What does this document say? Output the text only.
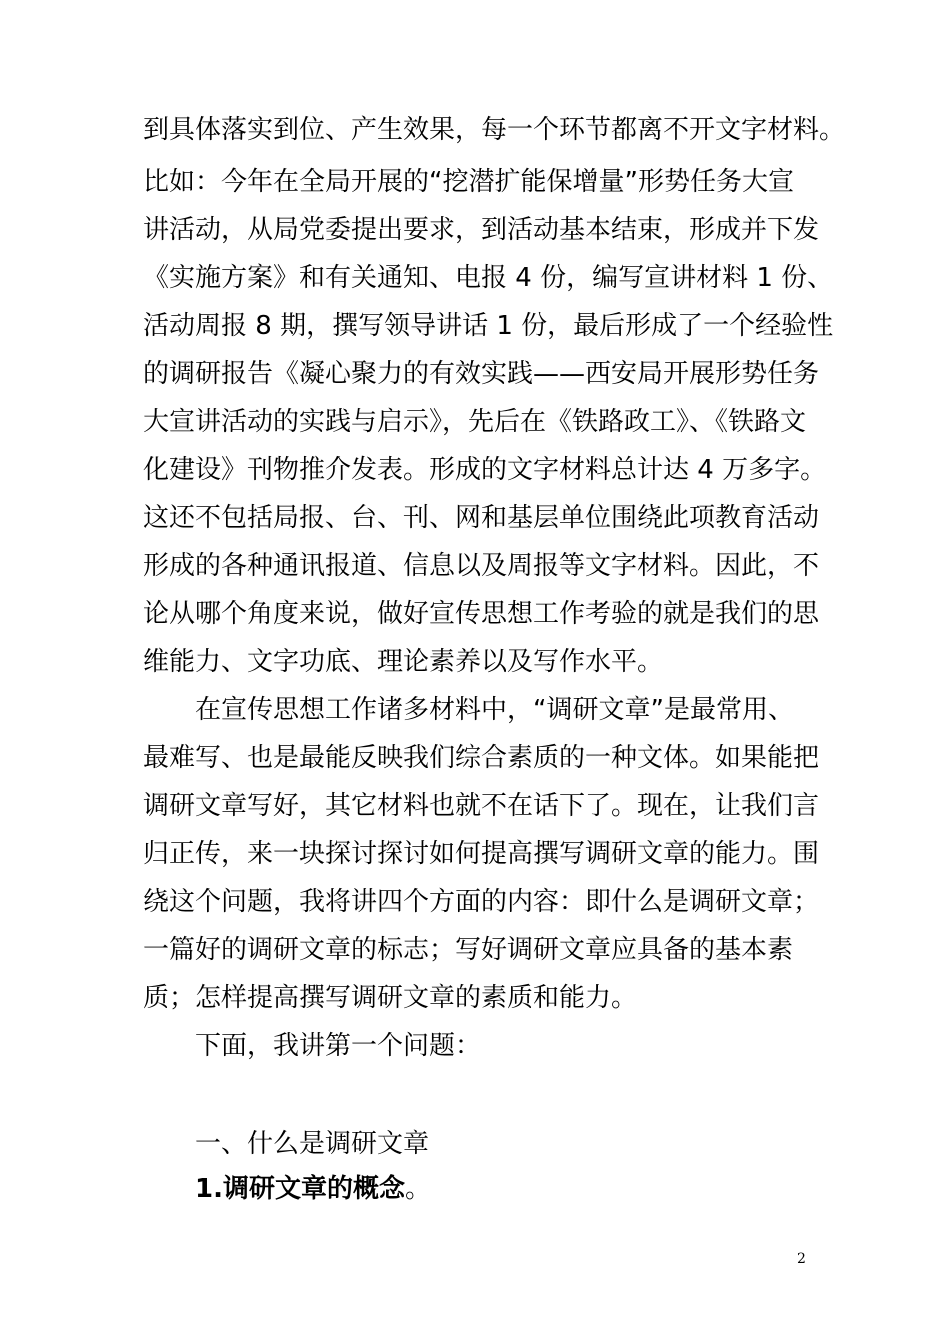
到具体落实到位、产生效果，每一个环节都离不开文字材料。
比如：今年在全局开展的“挖潜扩能保增量”形势任务大宣
讲活动，从局党委提出要求，到活动基本结束，形成并下发
《实施方案》和有关通知、电报 4 份，编写宣讲材料 1 份、
活动周报 8 期，撰写领导讲话 1 份，最后形成了一个经验性
的调研报告《凝心聚力的有效实践——西安局开展形势任务
大宣讲活动的实践与启示》，先后在《铁路政工》、《铁路文
化建设》刊物推介发表。形成的文字材料总计达 4 万多字。
这还不包括局报、台、刊、网和基层单位围绕此项教育活动
形成的各种通讯报道、信息以及周报等文字材料。因此，不
论从哪个角度来说，做好宣传思想工作考验的就是我们的思
维能力、文字功底、理论素养以及写作水平。
在宣传思想工作诸多材料中，“调研文章”是最常用、
最难写、也是最能反映我们综合素质的一种文体。如果能把
调研文章写好，其它材料也就不在话下了。现在，让我们言
归正传，来一块探讨探讨如何提高撰写调研文章的能力。围
绕这个问题，我将讲四个方面的内容：即什么是调研文章；
一篇好的调研文章的标志；写好调研文章应具备的基本素
质；怎样提高撰写调研文章的素质和能力。
下面，我讲第一个问题：
一、什么是调研文章
1.调研文章的概念。
2
